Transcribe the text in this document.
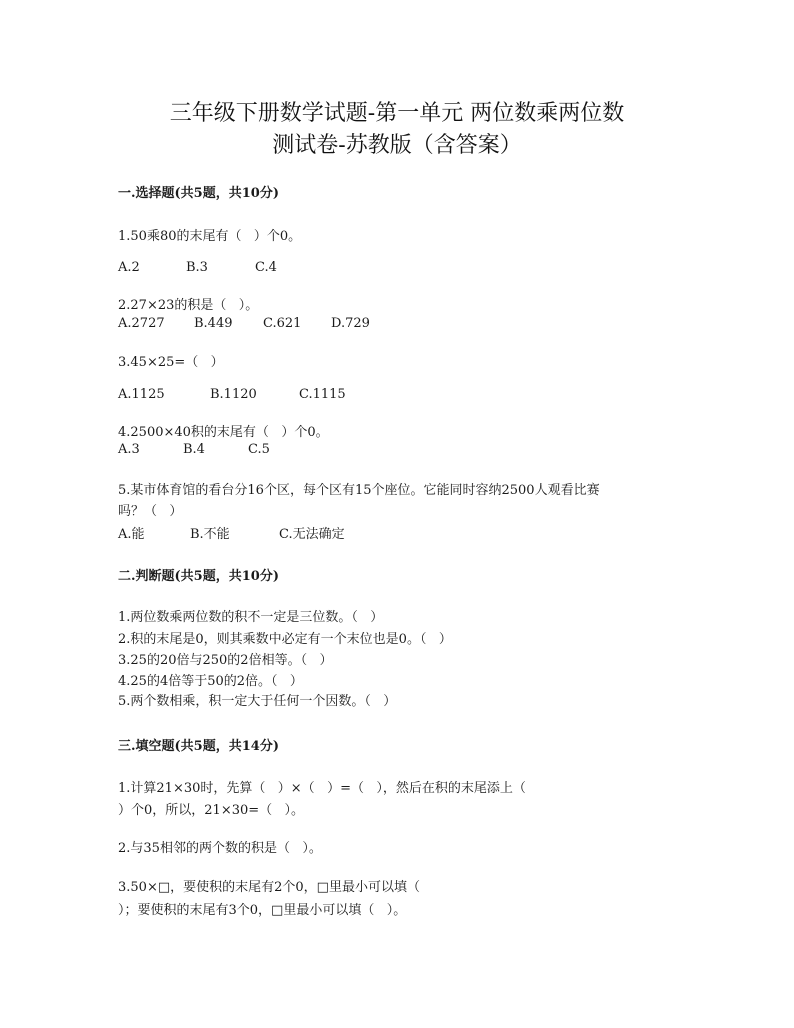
三年级下册数学试题-第一单元 两位数乘两位数
测试卷-苏教版（含答案）
一.选择题(共5题，共10分)
1.50乘80的末尾有（   ）个0。
A.2	B.3	C.4
2.27×23的积是（   ）。
A.2727 B.449 C.621 D.729
3.45×25=（   ）
A.1125	B.1120	C.1115
4.2500×40积的末尾有（   ）个0。
A.3	B.4	C.5
5.某市体育馆的看台分16个区，每个区有15个座位。它能同时容纳2500人观看比赛
吗？（   ）
A.能	B.不能	C.无法确定
二.判断题(共5题，共10分)
1.两位数乘两位数的积不一定是三位数。（   ）
2.积的末尾是0，则其乘数中必定有一个末位也是0。（   ）
3.25的20倍与250的2倍相等。（   ）
4.25的4倍等于50的2倍。（   ）
5.两个数相乘，积一定大于任何一个因数。（   ）
三.填空题(共5题，共14分)
1.计算21×30时，先算（   ）×（   ）=（   ），然后在积的末尾添上（
）个0，所以，21×30=（   ）。
2.与35相邻的两个数的积是（   ）。
3.50×□，要使积的末尾有2个0，□里最小可以填（
）；要使积的末尾有3个0，□里最小可以填（   ）。
